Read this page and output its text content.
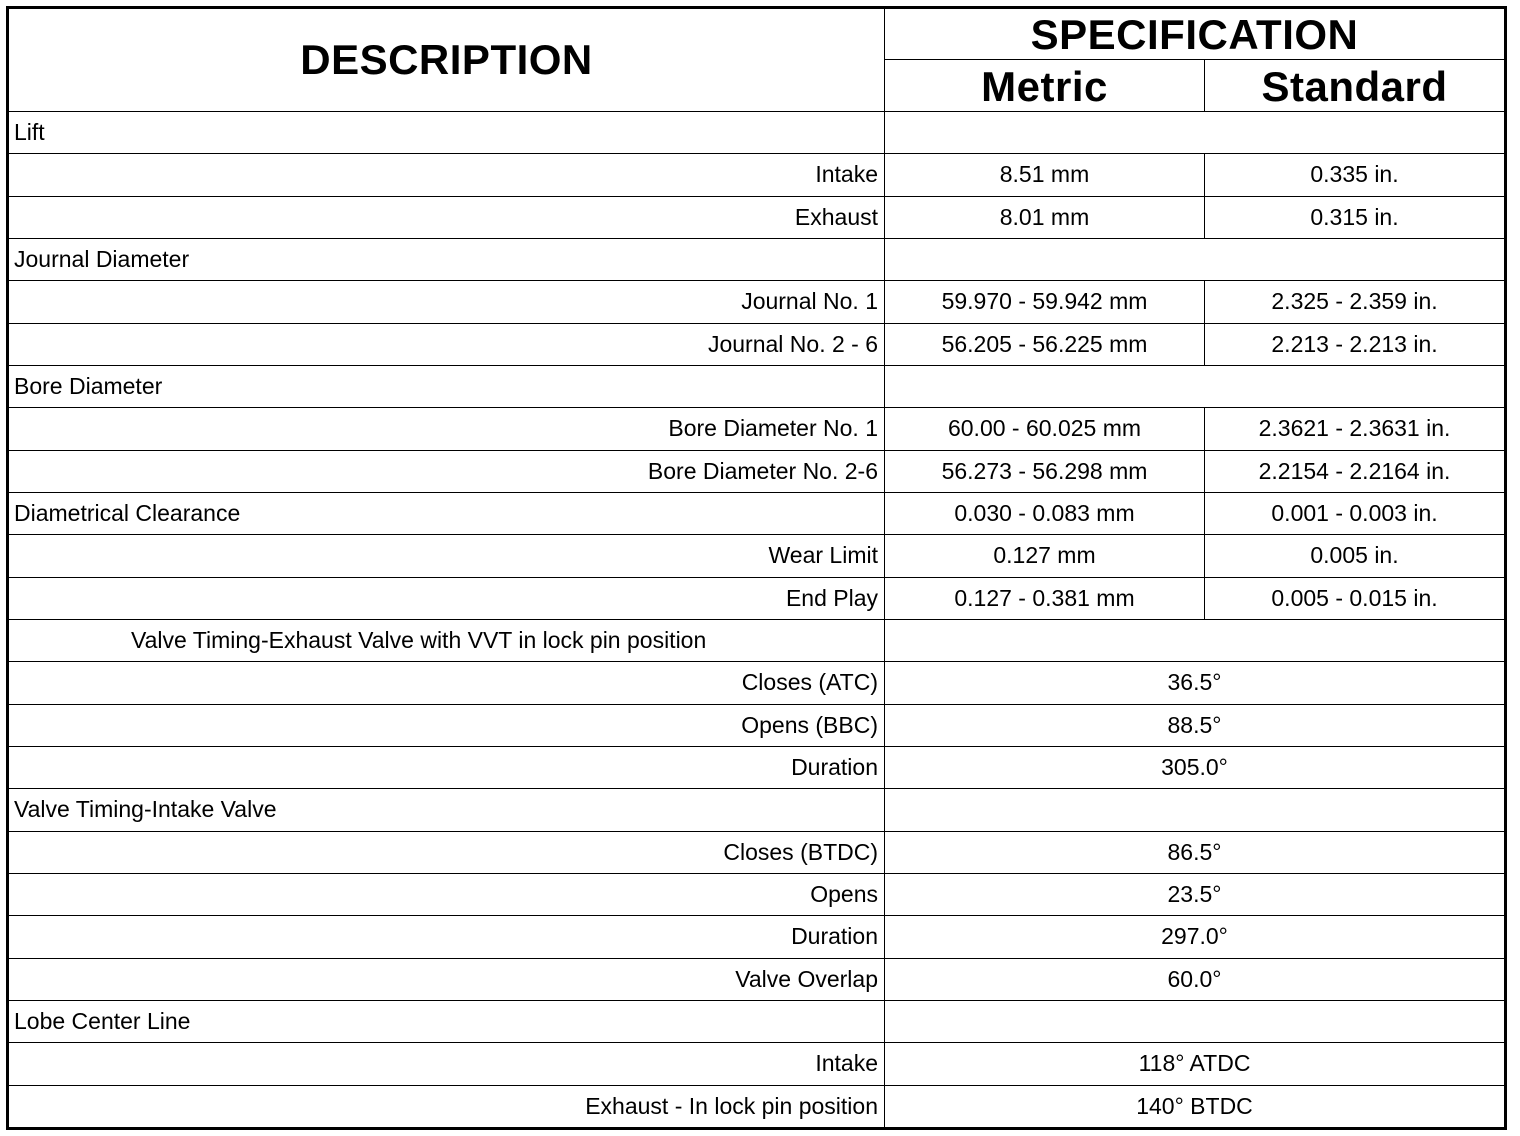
DESCRIPTION	SPECIFICATION	
	Metric	Standard
Lift		
Intake	8.51 mm	0.335 in.
Exhaust	8.01 mm	0.315 in.
Journal Diameter		
Journal No. 1	59.970 - 59.942 mm	2.325 - 2.359 in.
Journal No. 2 - 6	56.205 - 56.225 mm	2.213 - 2.213 in.
Bore Diameter		
Bore Diameter No. 1	60.00 - 60.025 mm	2.3621 - 2.3631 in.
Bore Diameter No. 2-6	56.273 - 56.298 mm	2.2154 - 2.2164 in.
Diametrical Clearance	0.030 - 0.083 mm	0.001 - 0.003 in.
Wear Limit	0.127 mm	0.005 in.
End Play	0.127 - 0.381 mm	0.005 - 0.015 in.
Valve Timing-Exhaust Valve with VVT in lock pin position		
Closes (ATC)	36.5°	
Opens (BBC)	88.5°	
Duration	305.0°	
Valve Timing-Intake Valve		
Closes (BTDC)	86.5°	
Opens	23.5°	
Duration	297.0°	
Valve Overlap	60.0°	
Lobe Center Line		
Intake	118° ATDC	
Exhaust - In lock pin position	140° BTDC	
